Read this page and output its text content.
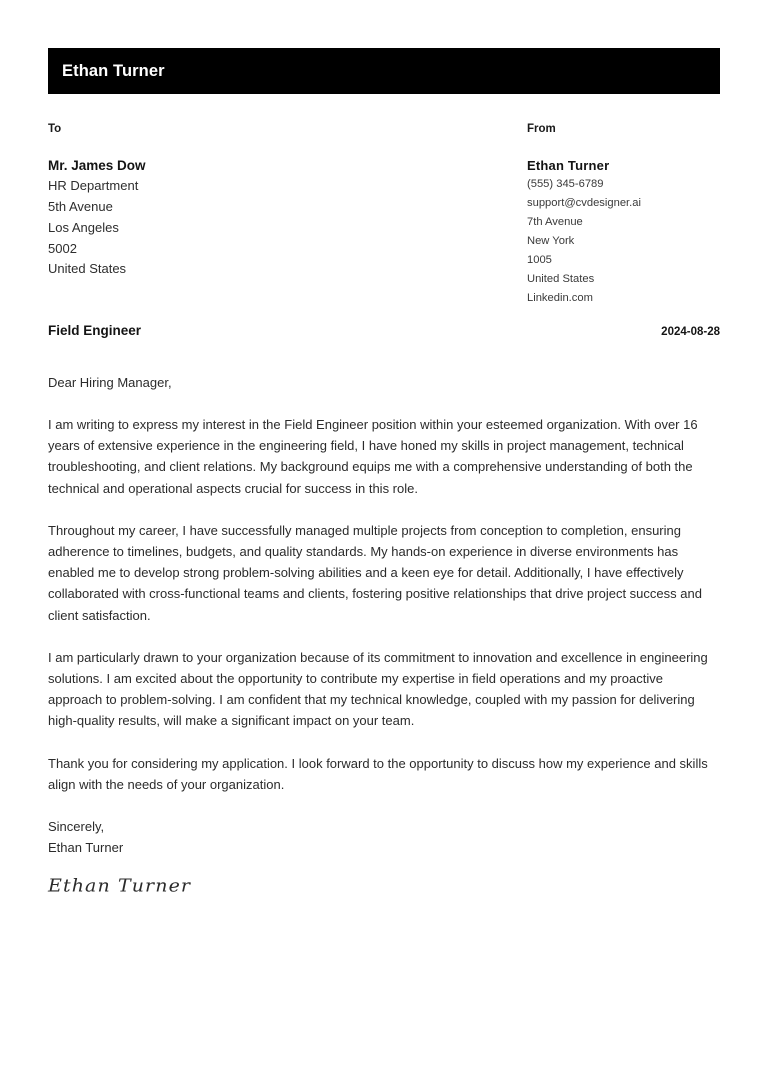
Ethan Turner
To
Mr. James Dow
HR Department
5th Avenue
Los Angeles
5002
United States
From
Ethan Turner
(555) 345-6789
support@cvdesigner.ai
7th Avenue
New York
1005
United States
Linkedin.com
Field Engineer	2024-08-28

Dear Hiring Manager,

I am writing to express my interest in the Field Engineer position within your esteemed organization. With over 16 years of extensive experience in the engineering field, I have honed my skills in project management, technical troubleshooting, and client relations. My background equips me with a comprehensive understanding of both the technical and operational aspects crucial for success in this role.

Throughout my career, I have successfully managed multiple projects from conception to completion, ensuring adherence to timelines, budgets, and quality standards. My hands-on experience in diverse environments has enabled me to develop strong problem-solving abilities and a keen eye for detail. Additionally, I have effectively collaborated with cross-functional teams and clients, fostering positive relationships that drive project success and client satisfaction.

I am particularly drawn to your organization because of its commitment to innovation and excellence in engineering solutions. I am excited about the opportunity to contribute my expertise in field operations and my proactive approach to problem-solving. I am confident that my technical knowledge, coupled with my passion for delivering high-quality results, will make a significant impact on your team.

Thank you for considering my application. I look forward to the opportunity to discuss how my experience and skills align with the needs of your organization.

Sincerely,
Ethan Turner
Ethan Turner
